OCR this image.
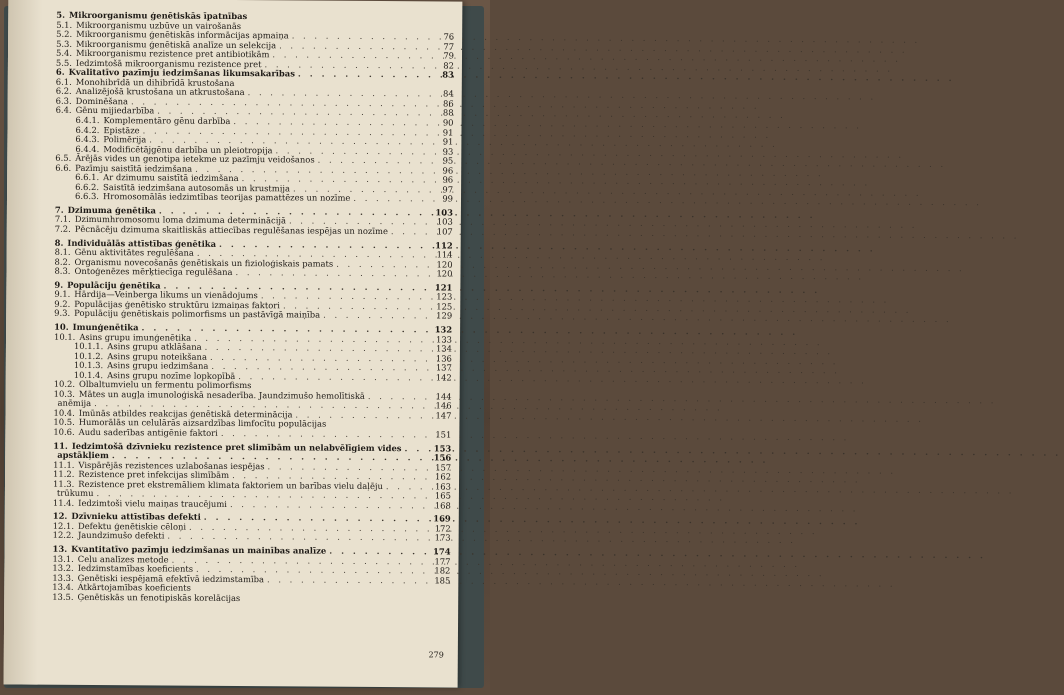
5. Mikroorganismu ģenētiskās īpatnības
5.1. Mikroorganismu uzbūve un vairošanās
5.2. Mikroorganismu ģenētiskās informācijas apmaiņa . . .	76
5.3. Mikroorganismu ģenētiskā analīze un selekcija . . .	77
5.4. Mikroorganismu rezistence pret antibiotikām . . .	79
5.5. Iedzimtošā mikroorganismu rezistence pret . . .	82
6. Kvalitatīvo pazīmju iedzimšanas likumsakarības . . .	83
6.1. Monohibrīdā un dihibrīdā krustošana
6.2. Analizējošā krustošana un atkrustošana . . .	84
6.3. Dominēšana . . .	86
6.4. Gēnu mijiedarbība . . .	88
6.4.1. Komplementāro gēnu darbība . . .	90
6.4.2. Epistāze . . .	91
6.4.3. Polimērija . . .	91
6.4.4. Modificētājgēnu darbība un pleiotropija . . .	93
6.5. Ārējās vides un genotipa ietekme uz pazīmju veidošanos . . .	95
6.6. Pazīmju saistītā iedzimšana . . .	96
6.6.1. Ar dzimumu saistītā iedzimšana . . .	96
6.6.2. Saistītā iedzimšana autosomās un krustmija . . .	97
6.6.3. Hromosomālās iedzimtības teorijas pamattēzes un nozīme . . .	99
7. Dzimuma ģenētika . . .	103
7.1. Dzimumhromosomu loma dzimuma determinācijā . . .	103
7.2. Pēcnācēju dzimuma skaitliskās attiecības regulēšanas iespējas un nozīme . . .	107
8. Individuālās attīstības ģenētika . . .	112
8.1. Gēnu aktivitātes regulēšana . . .	114
8.2. Organismu novecošanās ģenētiskais un fizioloģiskais pamats . . .	120
8.3. Ontoģenēzes mērķtiecīga regulēšana . . .	120
9. Populāciju ģenētika . . .	121
9.1. Hārdija—Veinberga likums un vienādojums . . .	123
9.2. Populācijas ģenētisko struktūru izmaiņas faktori . . .	125
9.3. Populāciju ģenētiskais polimorfisms un pastāvīgā maiņība . . .	129
10. Imunģenētika . . .	132
10.1. Asins grupu imunģenētika . . .	133
10.1.1. Asins grupu atklāšana . . .	134
10.1.2. Asins grupu noteikšana . . .	136
10.1.3. Asins grupu iedzimšana . . .	137
10.1.4. Asins grupu nozīme lopkopībā . . .	142
10.2. Olbaltumvielu un fermentu polimorfisms
10.3. Mātes un augļa imunoloģiskā nesaderība. Jaundzimušo hemolītiskā . . .	144
anēmija . . .	146
10.4. Imūnās atbildes reakcijas ģenētiskā determinācija . . .	147
10.5. Humorālās un celulārās aizsardzības limfocītu populācijas
10.6. Audu saderības antigēnie faktori . . .	151
11. Iedzimtošā dzīvnieku rezistence pret slimībām un nelabvēlīgiem vides . . .	153
apstākļiem . . .	156
11.1. Vispārējās rezistences uzlabošanas iespējas . . .	157
11.2. Rezistence pret infekcijas slimībām . . .	162
11.3. Rezistence pret ekstremāliem klimata faktoriem un barības vielu daļēju . . .	163
trūkumu . . .	165
11.4. Iedzimtoši vielu maiņas traucējumi . . .	168
12. Dzīvnieku attīstības defekti . . .	169
12.1. Defektu ģenētiskie cēloņi . . .	172
12.2. Jaundzimušo defekti . . .	173
13. Kvantitatīvo pazīmju iedzimšanas un mainības analīze . . .	174
13.1. Ceļu analīzes metode . . .	177
13.2. Iedzimstamības koeficients . . .	182
13.3. Ģenētiski iespējamā efektīvā iedzimstamība . . .	185
13.4. Atkārtojamības koeficients
13.5. Ģenētiskās un fenotipiskās korelācijas
279
